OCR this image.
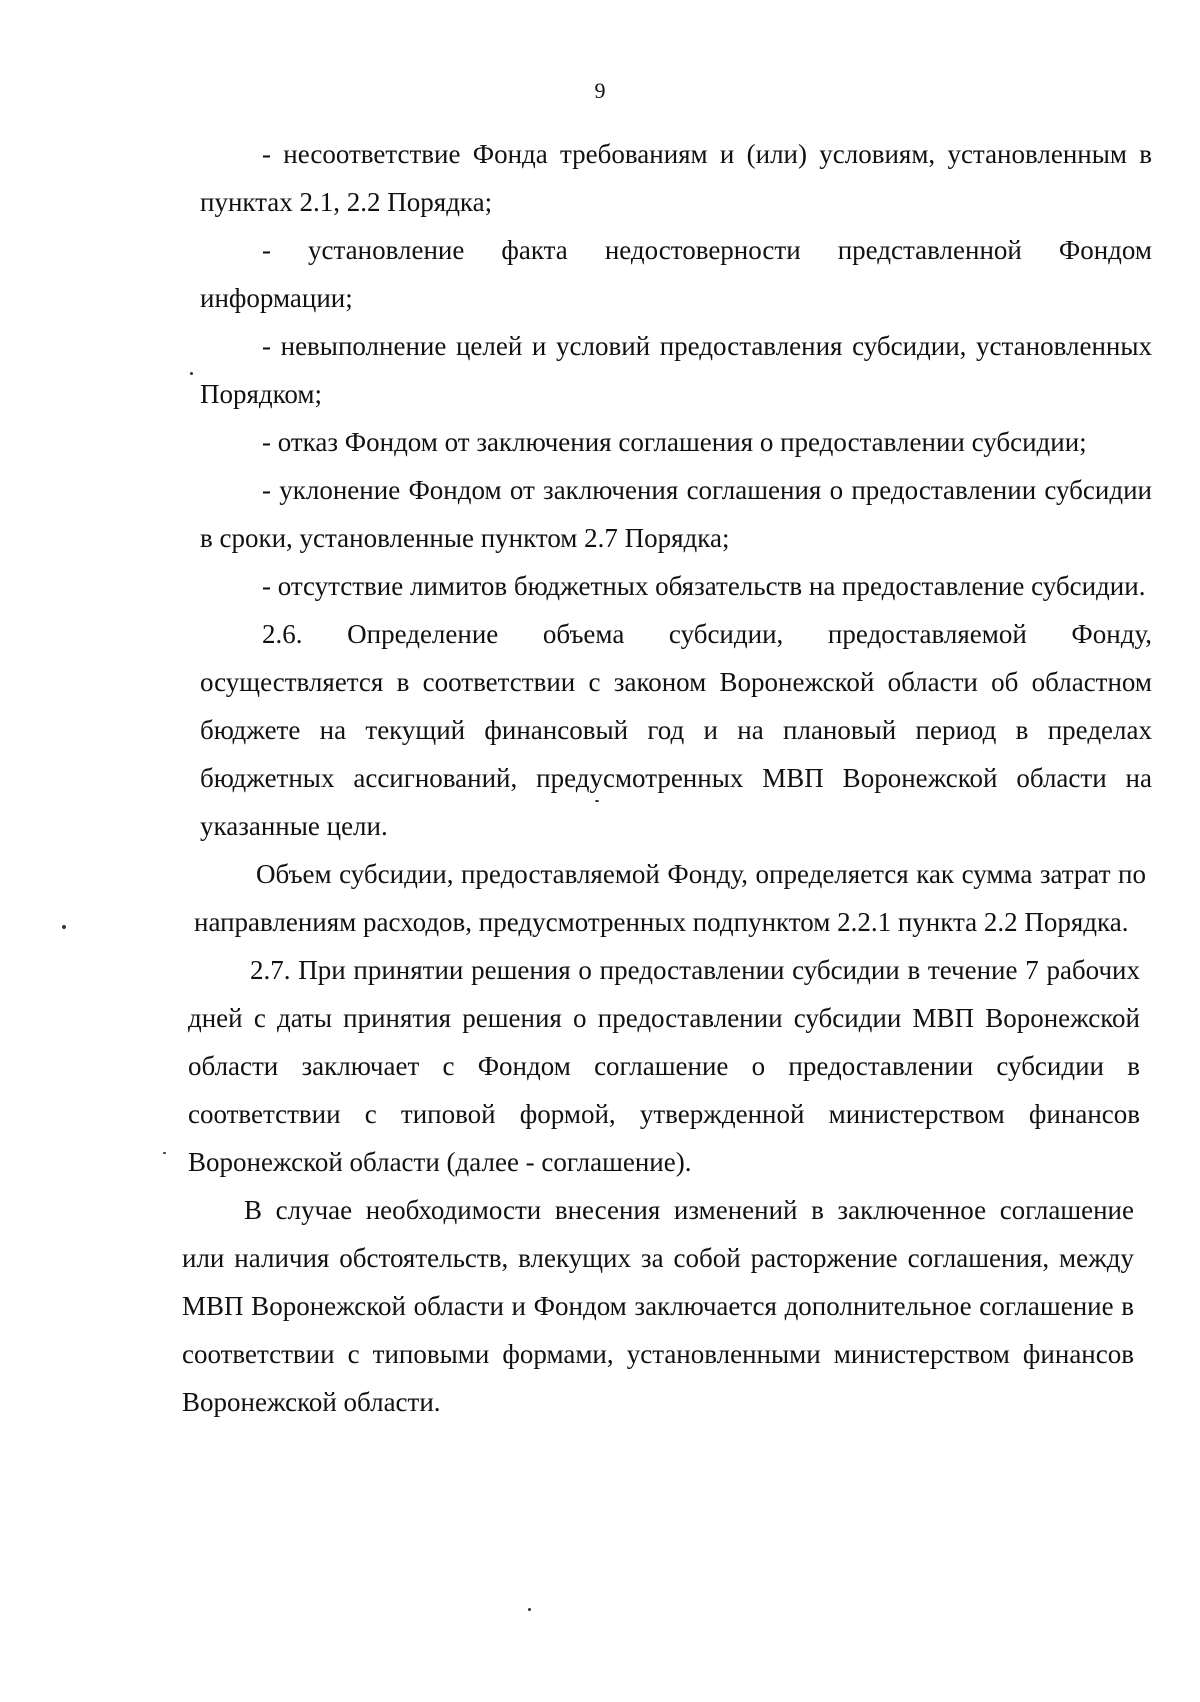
9

- несоответствие Фонда требованиям и (или) условиям, установленным в пунктах 2.1, 2.2 Порядка;

- установление факта недостоверности представленной Фондом информации;

- невыполнение целей и условий предоставления субсидии, установленных Порядком;

- отказ Фондом от заключения соглашения о предоставлении субсидии;

- уклонение Фондом от заключения соглашения о предоставлении субсидии в сроки, установленные пунктом 2.7 Порядка;

- отсутствие лимитов бюджетных обязательств на предоставление субсидии.

2.6. Определение объема субсидии, предоставляемой Фонду, осуществляется в соответствии с законом Воронежской области об областном бюджете на текущий финансовый год и на плановый период в пределах бюджетных ассигнований, предусмотренных МВП Воронежской области на указанные цели.

Объем субсидии, предоставляемой Фонду, определяется как сумма затрат по направлениям расходов, предусмотренных подпунктом 2.2.1 пункта 2.2 Порядка.

2.7. При принятии решения о предоставлении субсидии в течение 7 рабочих дней с даты принятия решения о предоставлении субсидии МВП Воронежской области заключает с Фондом соглашение о предоставлении субсидии в соответствии с типовой формой, утвержденной министерством финансов Воронежской области (далее - соглашение).

В случае необходимости внесения изменений в заключенное соглашение или наличия обстоятельств, влекущих за собой расторжение соглашения, между МВП Воронежской области и Фондом заключается дополнительное соглашение в соответствии с типовыми формами, установленными министерством финансов Воронежской области.
